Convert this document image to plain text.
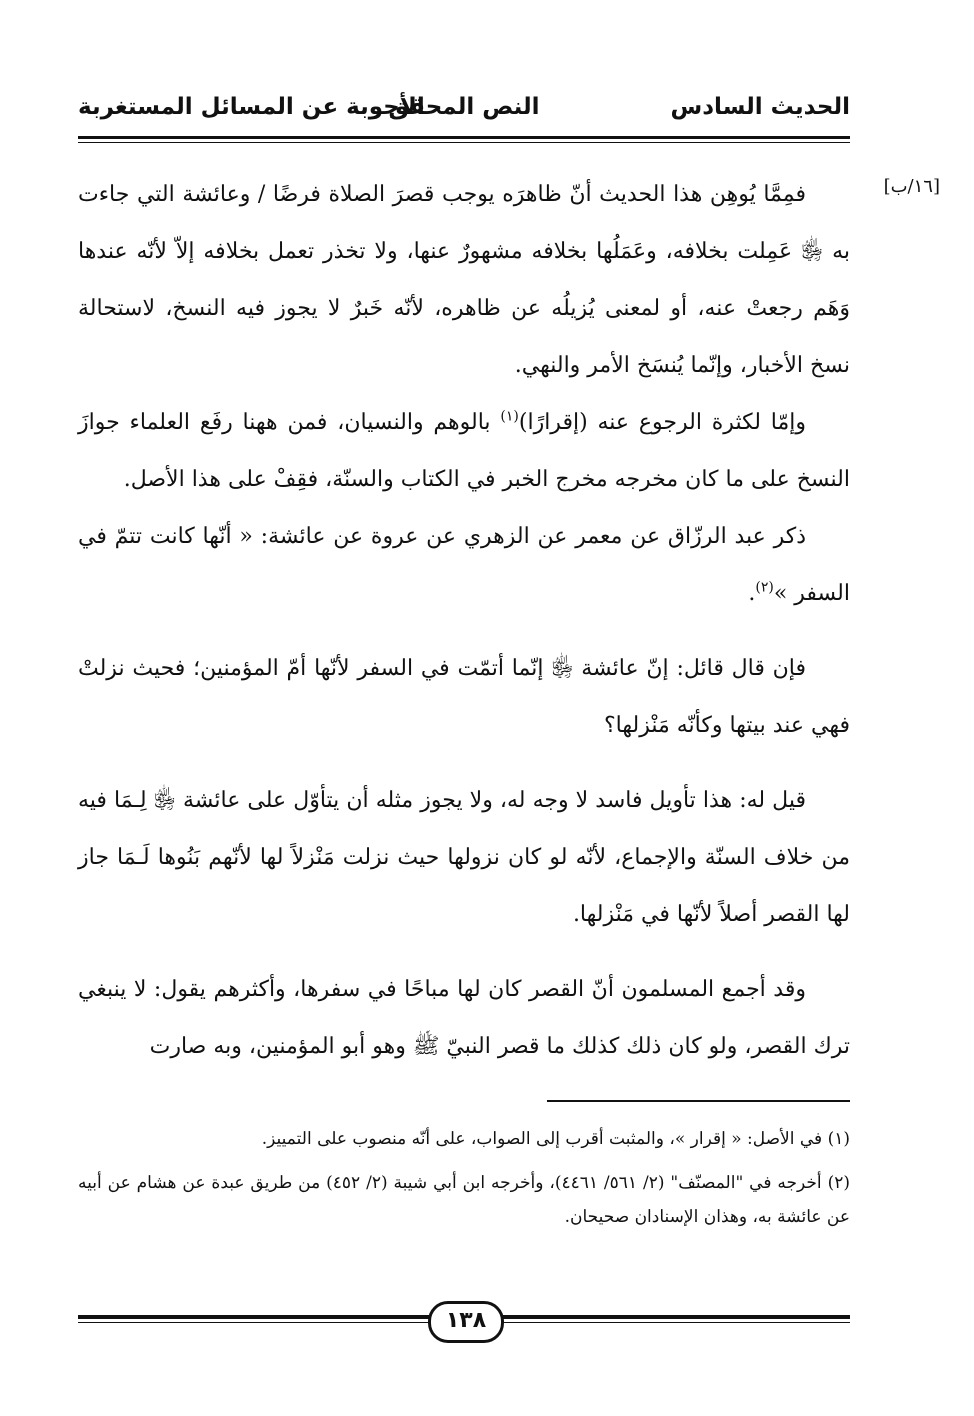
الحديث السادس
النص المحقق
الأجوبة عن المسائل المستغربة
[١٦/ب]

فمِمَّا يُوهِن هذا الحديث أنّ ظاهرَه يوجب قصرَ الصلاة فرضًا / وعائشة التي جاءت به ﵂ عَمِلت بخلافه، وعَمَلُها بخلافه مشهورٌ عنها، ولا تخذر تعمل بخلافه إلاّ لأنّه عندها وَهَم رجعتْ عنه، أو لمعنى يُزيلُه عن ظاهره، لأنّه خَبرٌ لا يجوز فيه النسخ، لاستحالة نسخ الأخبار، وإنّما يُنسَخ الأمر والنهي.

وإمّا لكثرة الرجوع عنه (إقرارًا)$^{(١)}$ بالوهم والنسيان، فمن ههنا رفَع العلماء جوازَ النسخ على ما كان مخرجه مخرج الخبر في الكتاب والسنّة، فقِفْ على هذا الأصل.

ذكر عبد الرزّاق عن معمر عن الزهري عن عروة عن عائشة: « أنّها كانت تتمّ في السفر »$^{(٢)}$.

فإن قال قائل: إنّ عائشة ﵂ إنّما أتمّت في السفر لأنّها أمّ المؤمنين؛ فحيث نزلتْ فهي عند بيتها وكأنّه مَنْزلها؟

قيل له: هذا تأويل فاسد لا وجه له، ولا يجوز مثله أن يتأوّل على عائشة ﵂ لِـمَا فيه من خلاف السنّة والإجماع، لأنّه لو كان نزولها حيث نزلت مَنْزلاً لها لأنّهم بَنُوها لَـمَا جاز لها القصر أصلاً لأنّها في مَنْزلها.

وقد أجمع المسلمون أنّ القصر كان لها مباحًا في سفرها، وأكثرهم يقول: لا ينبغي ترك القصر، ولو كان ذلك كذلك ما قصر النبيّ ﷺ وهو أبو المؤمنين، وبه صارت

(١) في الأصل: « إقرار »، والمثبت أقرب إلى الصواب، على أنّه منصوب على التمييز.

(٢) أخرجه في "المصنّف" (٢/ ٥٦١/ ٤٤٦١)، وأخرجه ابن أبي شيبة (٢/ ٤٥٢) من طريق عبدة عن هشام عن أبيه عن عائشة به، وهذان الإسنادان صحيحان.

١٣٨
